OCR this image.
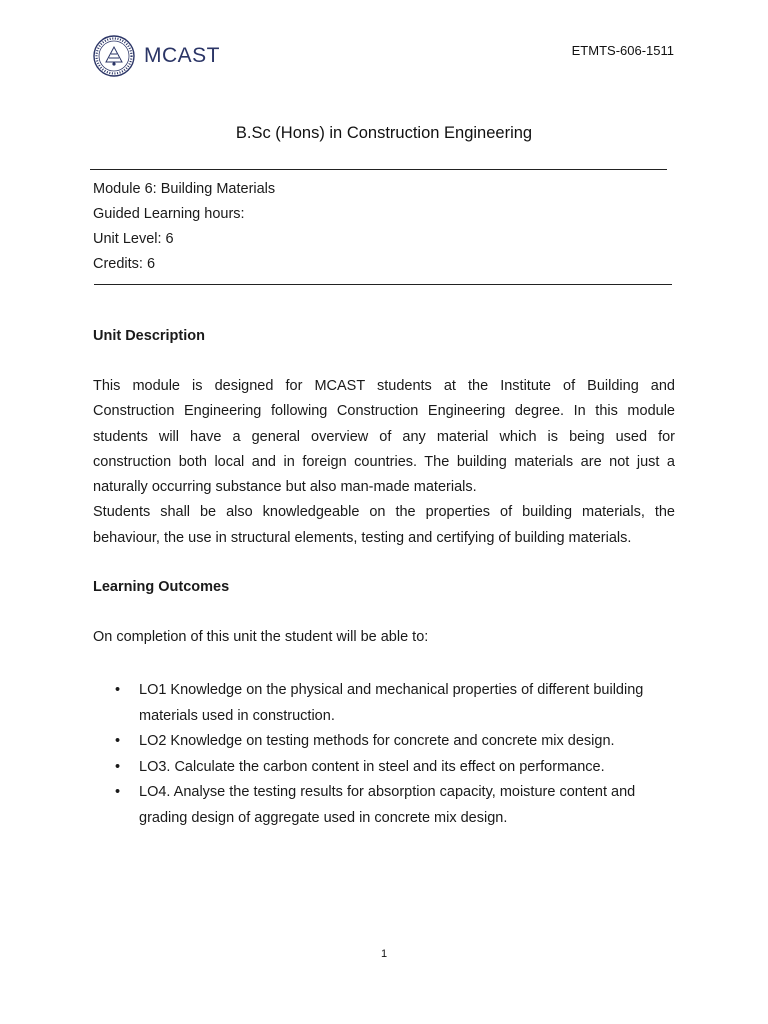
MCAST	ETMTS-606-1511
B.Sc (Hons) in Construction Engineering
Module 6: Building Materials
Guided Learning hours:
Unit Level: 6
Credits: 6
Unit Description
This module is designed for MCAST students at the Institute of Building and
Construction Engineering following Construction Engineering degree. In this module
students will have a general overview of any material which is being used for
construction both local and in foreign countries. The building materials are not just a
naturally occurring substance but also man-made materials.
Students shall be also knowledgeable on the properties of building materials, the
behaviour, the use in structural elements, testing and certifying of building materials.
Learning Outcomes
On completion of this unit the student will be able to:
• LO1 Knowledge on the physical and mechanical properties of different building materials used in construction.
• LO2 Knowledge on testing methods for concrete and concrete mix design.
• LO3. Calculate the carbon content in steel and its effect on performance.
• LO4. Analyse the testing results for absorption capacity, moisture content and grading design of aggregate used in concrete mix design.
1
